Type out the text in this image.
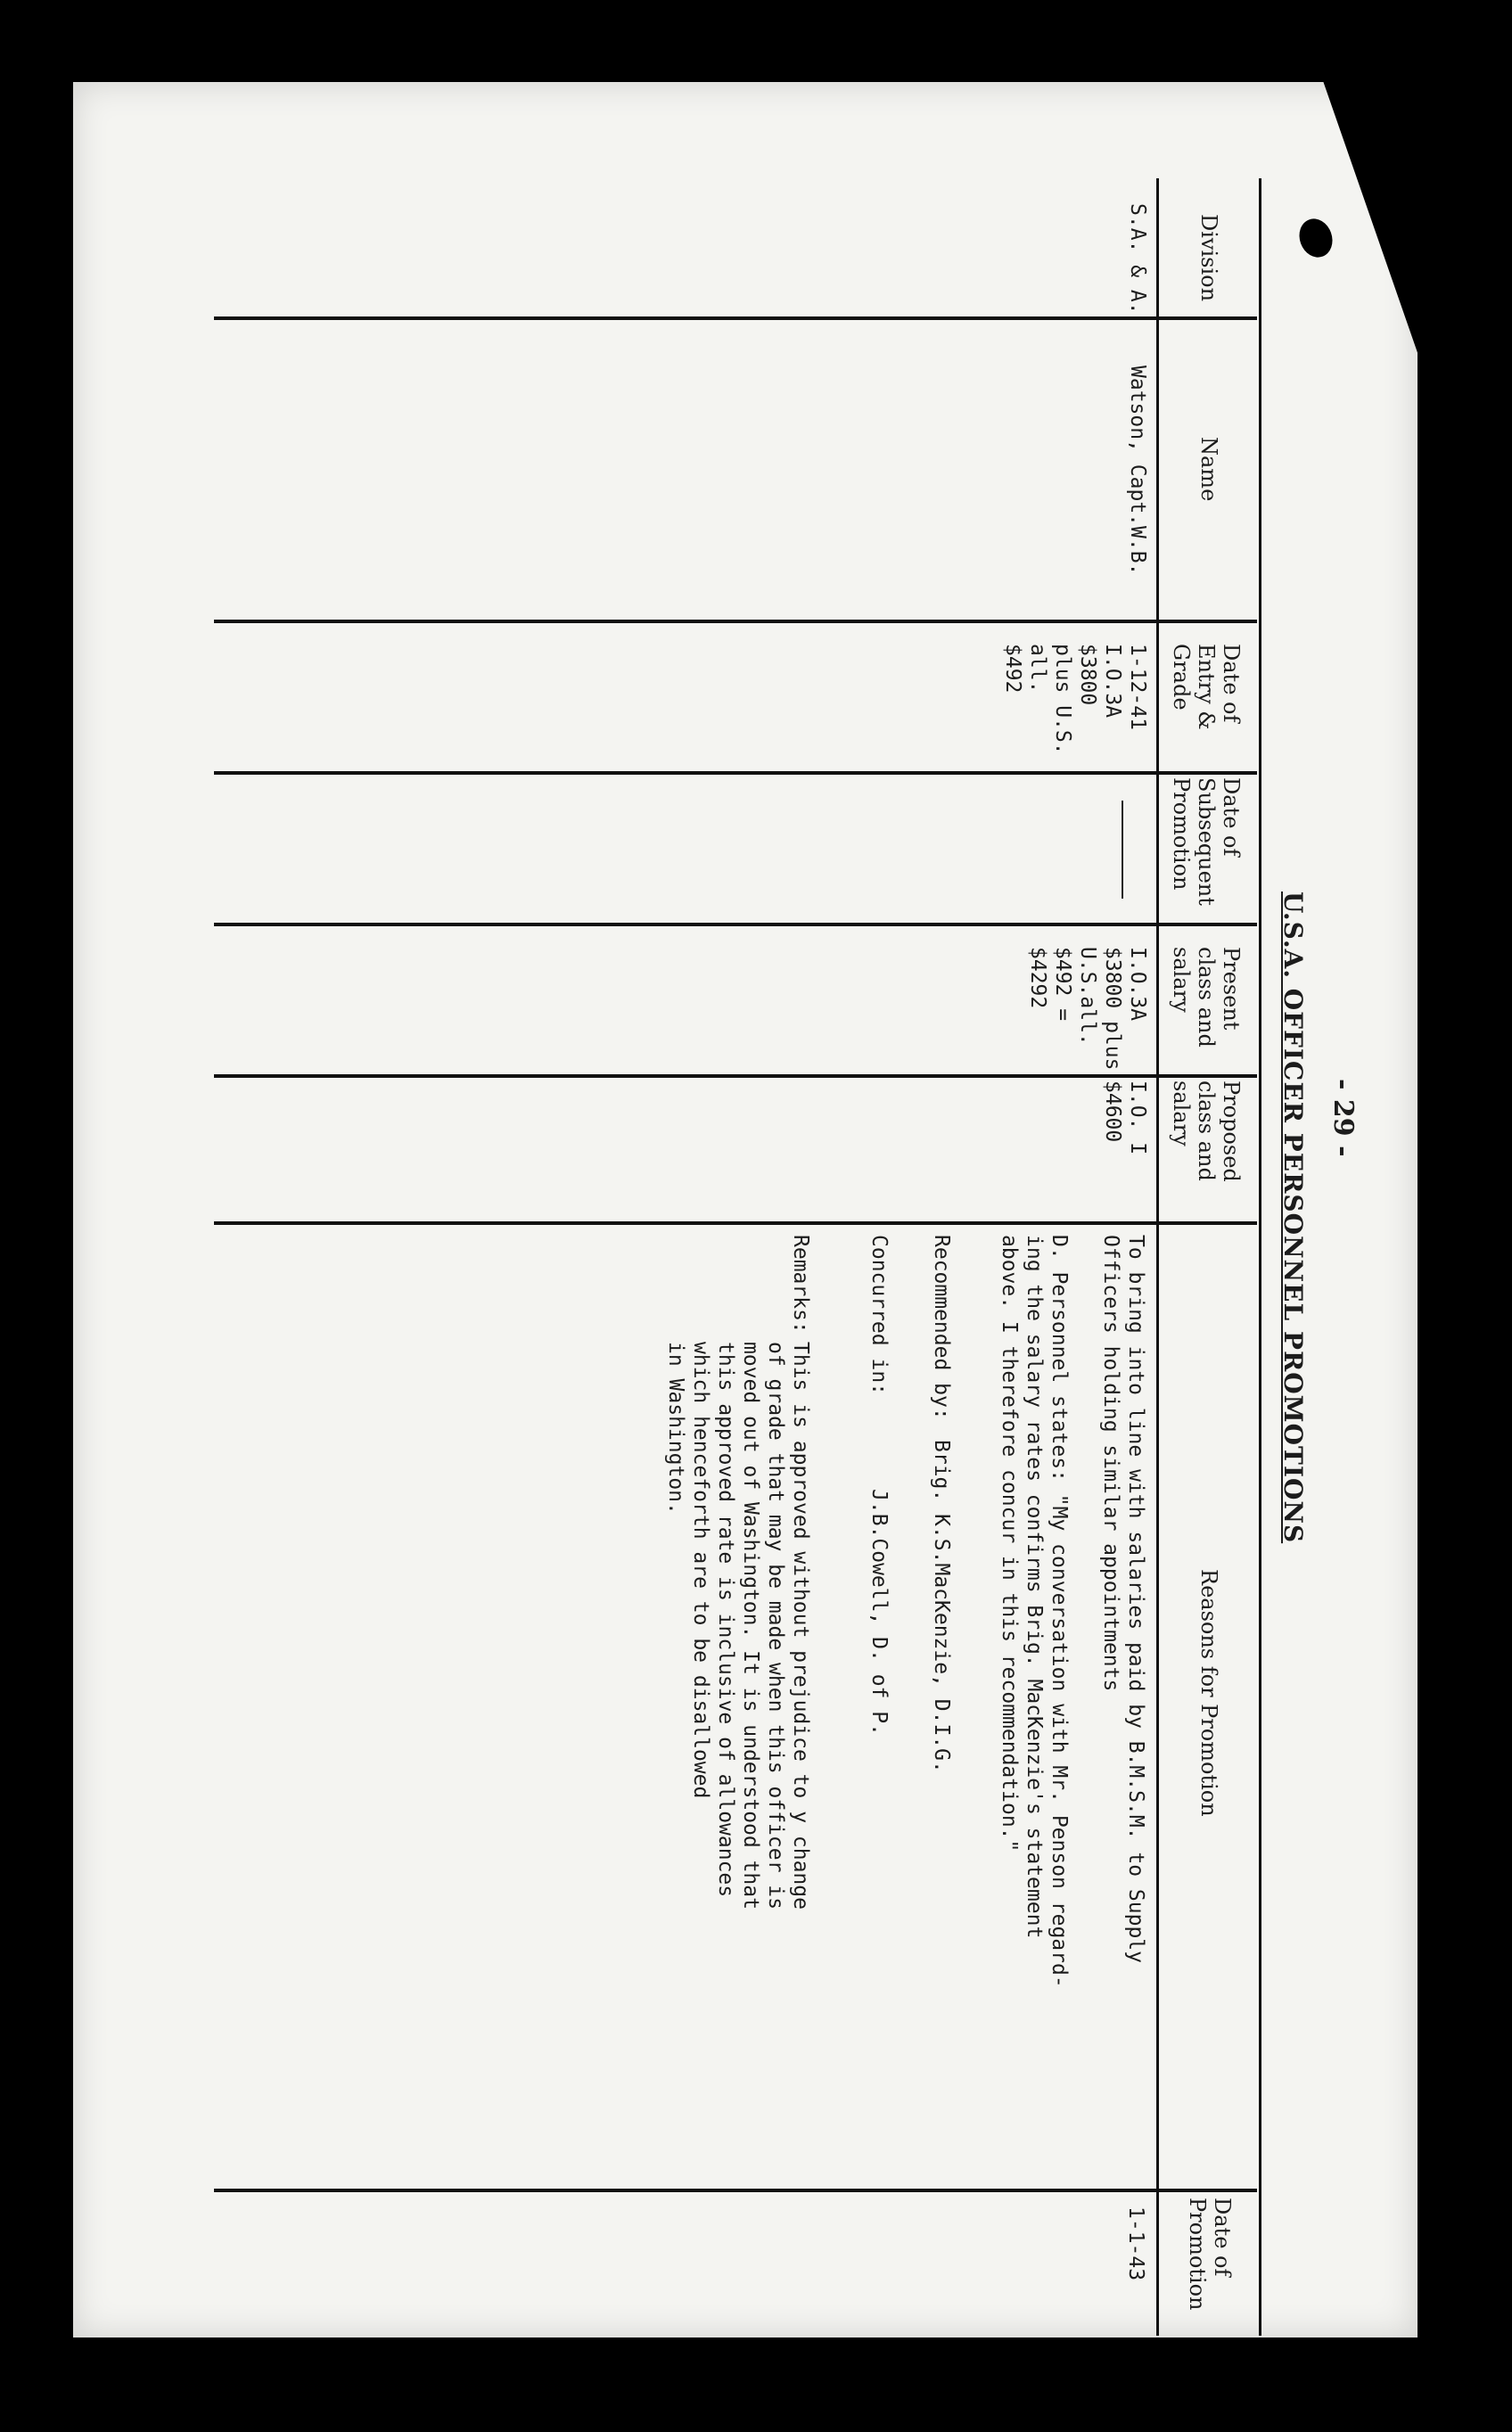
- 29 -
U.S.A. OFFICER PERSONNEL PROMOTIONS
Division
Name
Date of
Entry &
Grade
Date of
Subsequent
Promotion
Present
class and
salary
Proposed
class and
salary
Reasons for Promotion
Date of
Promotion
S.A. & A.
Watson, Capt.W.B.
1-12-41
I.O.3A
$3800
plus U.S.
all.
$492
I.O.3A
$3800 plus
U.S.all.
$492 =
$4292
I.O. I
$4600
To bring into line with salaries paid by B.M.S.M. to Supply
Officers holding similar appointments
D. Personnel states: "My conversation with Mr. Penson regard-
ing the salary rates confirms Brig. MacKenzie's statement
above. I therefore concur in this recommendation."
Recommended by:
Brig. K.S.MacKenzie, D.I.G.
Concurred in:
J.B.Cowell, D. of P.
Remarks:
This is approved without prejudice to y change
of grade that may be made when this officer is
moved out of Washington. It is understood that
this approved rate is inclusive of allowances
which henceforth are to be disallowed
in Washington.
1-1-43
